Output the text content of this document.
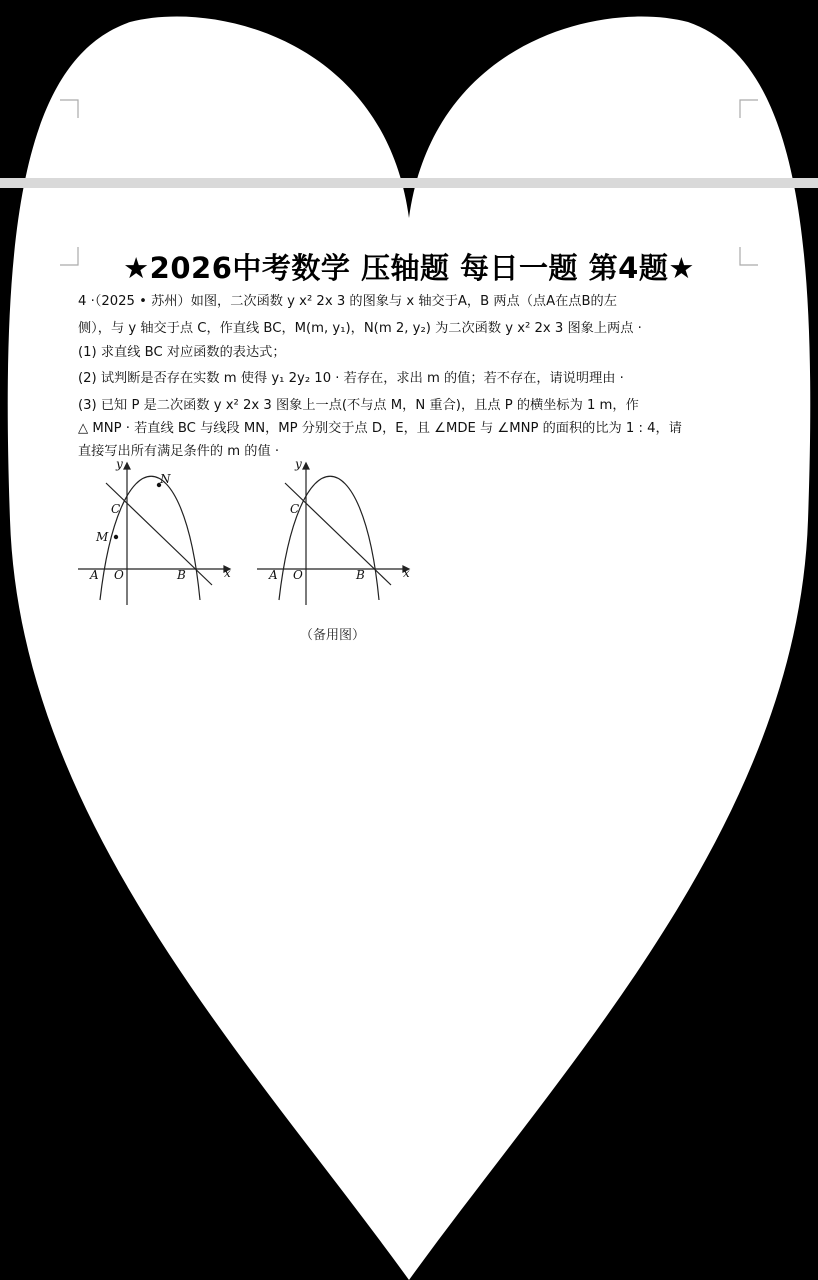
★2026中考数学 压轴题 每日一题 第4题★
4 ·（2025 • 苏州）如图，二次函数 y x² 2x 3 的图象与 x 轴交于A，B 两点（点A在点B的左
侧），与 y 轴交于点 C，作直线 BC，M(m, y₁)，N(m 2, y₂) 为二次函数 y x² 2x 3 图象上两点 ·
(1) 求直线 BC 对应函数的表达式；
(2) 试判断是否存在实数 m 使得 y₁ 2y₂ 10 · 若存在，求出 m 的值；若不存在，请说明理由 ·
(3) 已知 P 是二次函数 y x² 2x 3 图象上一点(不与点 M，N 重合)，且点 P 的横坐标为 1 m，作
△ MNP · 若直线 BC 与线段 MN，MP 分别交于点 D，E，且 ∠MDE 与 ∠MNP 的面积的比为 1 : 4，请
直接写出所有满足条件的 m 的值 ·
y
x
N
C
M
A O	B
y
x
C
A O	B
（备用图）
